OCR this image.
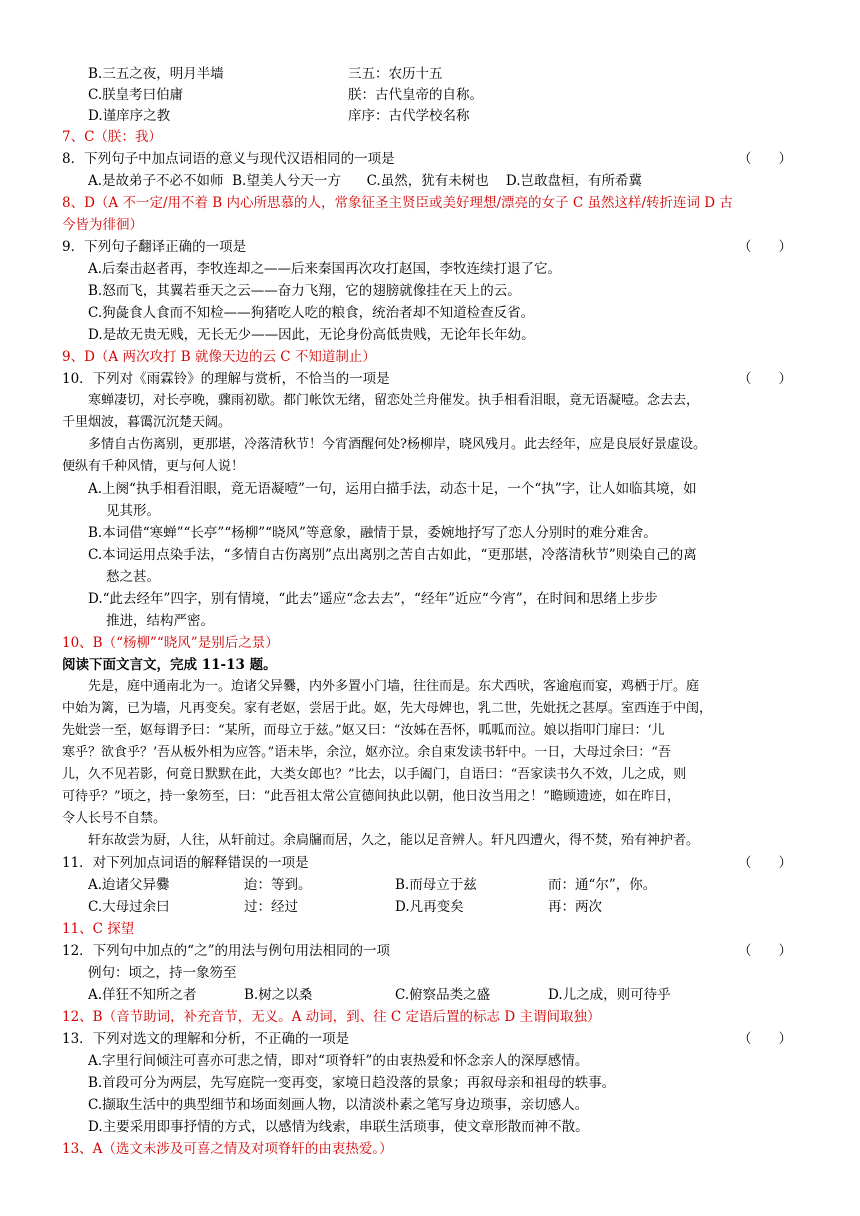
B.三五之夜，明月半墙	三五：农历十五
C.朕皇考曰伯庸	朕：古代皇帝的自称。
D.谨庠序之教	庠序：古代学校名称
7、C（朕：我）
8．下列句子中加点词语的意义与现代汉语相同的一项是	（　　）
A.是故弟子不必不如师  B.望美人兮天一方      C.虽然，犹有未树也    D.岂敢盘桓，有所希冀
8、D（A 不一定/用不着 B 内心所思慕的人，常象征圣主贤臣或美好理想/漂亮的女子 C 虽然这样/转折连词 D 古
今皆为徘徊）
9．下列句子翻译正确的一项是	（　　）
A.后秦击赵者再，李牧连却之——后来秦国再次攻打赵国，李牧连续打退了它。
B.怒而飞，其翼若垂天之云——奋力飞翔，它的翅膀就像挂在天上的云。
C.狗彘食人食而不知检——狗猪吃人吃的粮食，统治者却不知道检查反省。
D.是故无贵无贱，无长无少——因此，无论身份高低贵贱，无论年长年幼。
9、D（A 两次攻打 B 就像天边的云 C 不知道制止）
10．下列对《雨霖铃》的理解与赏析，不恰当的一项是	（　　）
寒蝉凄切，对长亭晚，骤雨初歇。都门帐饮无绪，留恋处兰舟催发。执手相看泪眼，竟无语凝噎。念去去，
千里烟波，暮霭沉沉楚天阔。
多情自古伤离别，更那堪，冷落清秋节！今宵酒醒何处?杨柳岸，晓风残月。此去经年，应是良辰好景虚设。
便纵有千种风情，更与何人说！
A.上阕“执手相看泪眼，竟无语凝噎”一句，运用白描手法，动态十足，一个“执”字，让人如临其境，如
见其形。
B.本词借“寒蝉”“长亭”“杨柳”“晓风”等意象，融情于景，委婉地抒写了恋人分别时的难分难舍。
C.本词运用点染手法，“多情自古伤离别”点出离别之苦自古如此，“更那堪，冷落清秋节”则染自己的离
愁之甚。
D.“此去经年”四字，别有情境，“此去”遥应“念去去”，“经年”近应“今宵”，在时间和思绪上步步
推进，结构严密。
10、B（“杨柳”“晓风”是别后之景）
阅读下面文言文，完成 11-13 题。
先是，庭中通南北为一。迨诸父异爨，内外多置小门墙，往往而是。东犬西吠，客逾庖而宴，鸡栖于厅。庭
中始为篱，已为墙，凡再变矣。家有老妪，尝居于此。妪，先大母婢也，乳二世，先妣抚之甚厚。室西连于中闺，
先妣尝一至，妪每谓予曰：“某所，而母立于兹。”妪又曰：“汝姊在吾怀，呱呱而泣。娘以指叩门扉曰：‘儿
寒乎？欲食乎？’吾从板外相为应答。”语未毕，余泣，妪亦泣。余自束发读书轩中。一日，大母过余曰：“吾
儿，久不见若影，何竟日默默在此，大类女郎也？”比去，以手阖门，自语曰：“吾家读书久不效，儿之成，则
可待乎？”顷之，持一象笏至，曰：“此吾祖太常公宣德间执此以朝，他日汝当用之！”瞻顾遗迹，如在昨日，
令人长号不自禁。
轩东故尝为厨，人往，从轩前过。余扃牖而居，久之，能以足音辨人。轩凡四遭火，得不焚，殆有神护者。
11．对下列加点词语的解释错误的一项是	（　　）
A.迨诸父异爨	迨：等到。	B.而母立于兹	而：通“尔”，你。
C.大母过余曰	过：经过	D.凡再变矣	再：两次
11、C 探望
12．下列句中加点的“之”的用法与例句用法相同的一项	（　　）
例句：顷之，持一象笏至
A.佯狂不知所之者	B.树之以桑	C.俯察品类之盛	D.儿之成，则可待乎
12、B（音节助词，补充音节，无义。A 动词，到、往 C 定语后置的标志 D 主谓间取独）
13．下列对选文的理解和分析，不正确的一项是	（　　）
A.字里行间倾注可喜亦可悲之情，即对“项脊轩”的由衷热爱和怀念亲人的深厚感情。
B.首段可分为两层，先写庭院一变再变，家境日趋没落的景象；再叙母亲和祖母的轶事。
C.撷取生活中的典型细节和场面刻画人物，以清淡朴素之笔写身边琐事，亲切感人。
D.主要采用即事抒情的方式，以感情为线索，串联生活琐事，使文章形散而神不散。
13、A（选文未涉及可喜之情及对项脊轩的由衷热爱。）
